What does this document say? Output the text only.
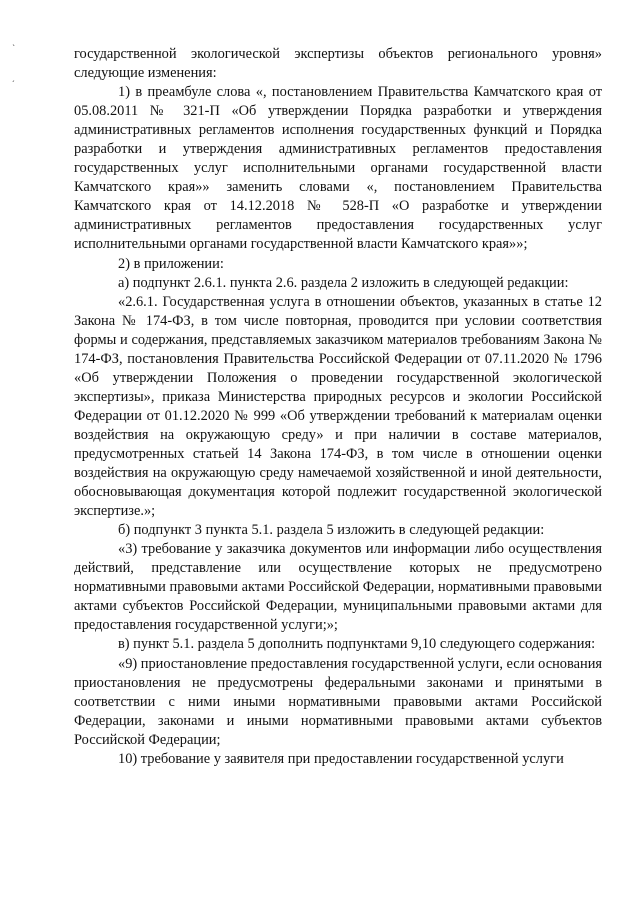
ˎ
ˏ

государственной экологической экспертизы объектов регионального уровня» следующие изменения:

1) в преамбуле слова «, постановлением Правительства Камчатского края от 05.08.2011 № 321-П «Об утверждении Порядка разработки и утверждения административных регламентов исполнения государственных функций и Порядка разработки и утверждения административных регламентов предоставления государственных услуг исполнительными органами государственной власти Камчатского края»» заменить словами «, постановлением Правительства Камчатского края от 14.12.2018 № 528-П «О разработке и утверждении административных регламентов предоставления государственных услуг исполнительными органами государственной власти Камчатского края»»;

2) в приложении:

а) подпункт 2.6.1. пункта 2.6. раздела 2 изложить в следующей редакции:

«2.6.1. Государственная услуга в отношении объектов, указанных в статье 12 Закона № 174-ФЗ, в том числе повторная, проводится при условии соответствия формы и содержания, представляемых заказчиком материалов требованиям Закона № 174-ФЗ, постановления Правительства Российской Федерации от 07.11.2020 № 1796 «Об утверждении Положения о проведении государственной экологической экспертизы», приказа Министерства природных ресурсов и экологии Российской Федерации от 01.12.2020 № 999 «Об утверждении требований к материалам оценки воздействия на окружающую среду» и при наличии в составе материалов, предусмотренных статьей 14 Закона 174-ФЗ, в том числе в отношении оценки воздействия на окружающую среду намечаемой хозяйственной и иной деятельности, обосновывающая документация которой подлежит государственной экологической экспертизе.»;

б) подпункт 3 пункта 5.1. раздела 5 изложить в следующей редакции:

«3) требование у заказчика документов или информации либо осуществления действий, представление или осуществление которых не предусмотрено нормативными правовыми актами Российской Федерации, нормативными правовыми актами субъектов Российской Федерации, муниципальными правовыми актами для предоставления государственной услуги;»;

в) пункт 5.1. раздела 5 дополнить подпунктами 9,10 следующего содержания:

«9) приостановление предоставления государственной услуги, если основания приостановления не предусмотрены федеральными законами и принятыми в соответствии с ними иными нормативными правовыми актами Российской Федерации, законами и иными нормативными правовыми актами субъектов Российской Федерации;

10) требование у заявителя при предоставлении государственной услуги
